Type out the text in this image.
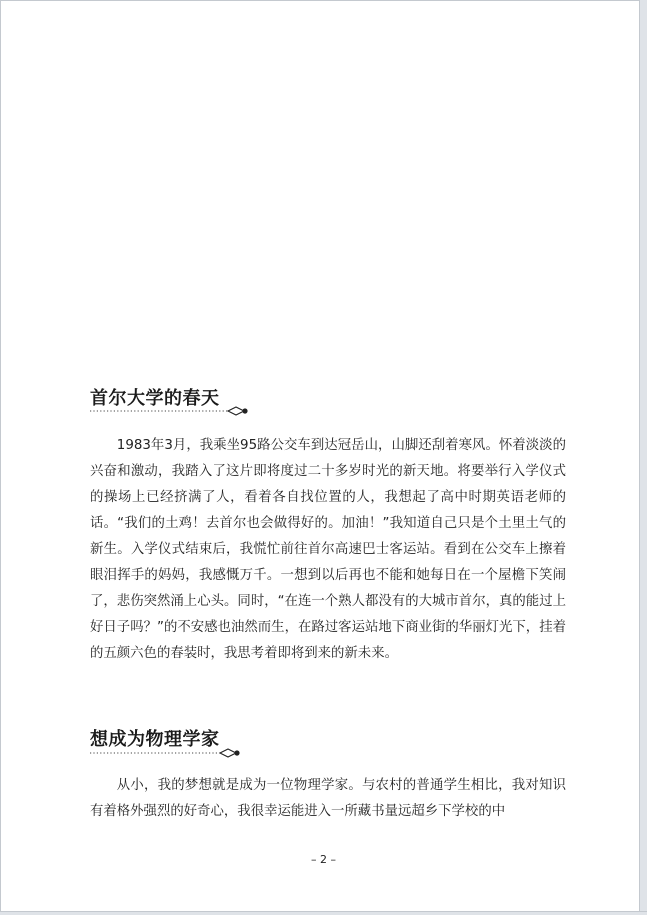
首尔大学的春天

1983年3月，我乘坐95路公交车到达冠岳山，山脚还刮着寒风。怀着淡淡的兴奋和激动，我踏入了这片即将度过二十多岁时光的新天地。将要举行入学仪式的操场上已经挤满了人，看着各自找位置的人，我想起了高中时期英语老师的话。“我们的土鸡！去首尔也会做得好的。加油！”我知道自己只是个土里土气的新生。入学仪式结束后，我慌忙前往首尔高速巴士客运站。看到在公交车上擦着眼泪挥手的妈妈，我感慨万千。一想到以后再也不能和她每日在一个屋檐下笑闹了，悲伤突然涌上心头。同时，“在连一个熟人都没有的大城市首尔，真的能过上好日子吗？”的不安感也油然而生，在路过客运站地下商业街的华丽灯光下，挂着的五颜六色的春装时，我思考着即将到来的新未来。

想成为物理学家

从小，我的梦想就是成为一位物理学家。与农村的普通学生相比，我对知识有着格外强烈的好奇心，我很幸运能进入一所藏书量远超乡下学校的中

– 2 –
